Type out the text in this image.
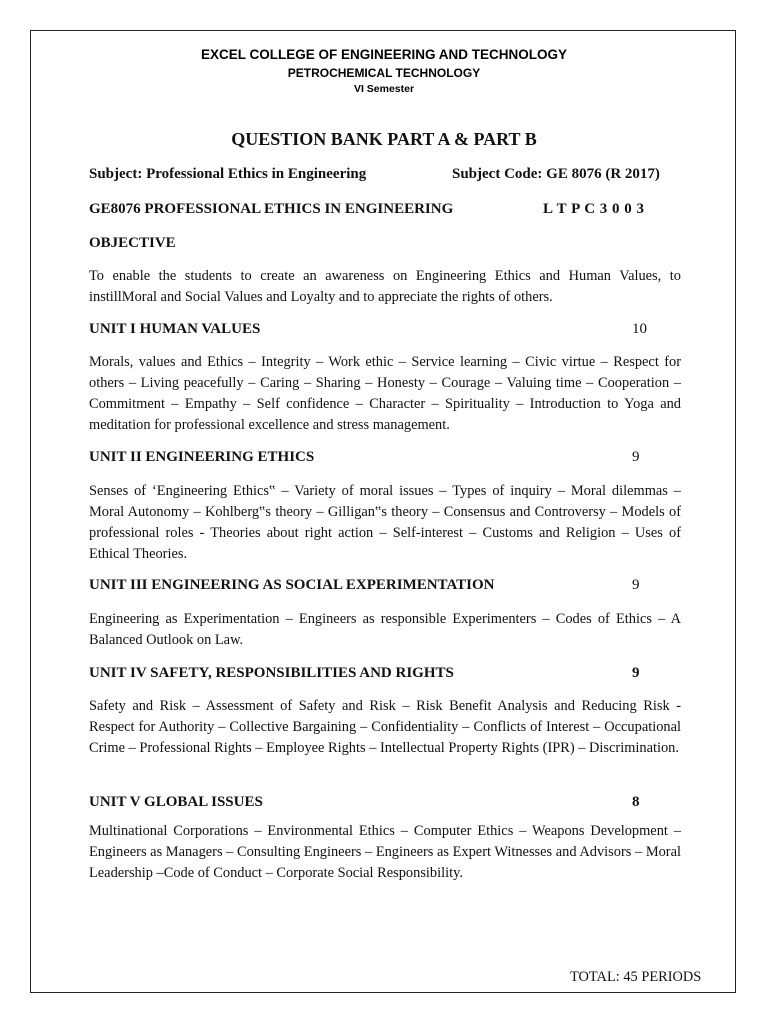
EXCEL COLLEGE OF ENGINEERING AND TECHNOLOGY
PETROCHEMICAL TECHNOLOGY
VI Semester
QUESTION BANK PART A & PART B
Subject: Professional Ethics in Engineering	Subject Code: GE 8076 (R 2017)
GE8076 PROFESSIONAL ETHICS IN ENGINEERING	L T P C 3 0 0 3
OBJECTIVE

To enable the students to create an awareness on Engineering Ethics and Human Values, to instillMoral and Social Values and Loyalty and to appreciate the rights of others.

UNIT I HUMAN VALUES	10

Morals, values and Ethics – Integrity – Work ethic – Service learning – Civic virtue – Respect for others – Living peacefully – Caring – Sharing – Honesty – Courage – Valuing time – Cooperation – Commitment – Empathy – Self confidence – Character – Spirituality – Introduction to Yoga and meditation for professional excellence and stress management.

UNIT II ENGINEERING ETHICS	9

Senses of ‘Engineering Ethics‟ – Variety of moral issues – Types of inquiry – Moral dilemmas – Moral Autonomy – Kohlberg‟s theory – Gilligan‟s theory – Consensus and Controversy – Models of professional roles - Theories about right action – Self-interest – Customs and Religion – Uses of Ethical Theories.

UNIT III ENGINEERING AS SOCIAL EXPERIMENTATION	9

Engineering as Experimentation – Engineers as responsible Experimenters – Codes of Ethics – A Balanced Outlook on Law.

UNIT IV SAFETY, RESPONSIBILITIES AND RIGHTS	9

Safety and Risk – Assessment of Safety and Risk – Risk Benefit Analysis and Reducing Risk - Respect for Authority – Collective Bargaining – Confidentiality – Conflicts of Interest – Occupational Crime – Professional Rights – Employee Rights – Intellectual Property Rights (IPR) – Discrimination.

UNIT V GLOBAL ISSUES	8

Multinational Corporations – Environmental Ethics – Computer Ethics – Weapons Development – Engineers as Managers – Consulting Engineers – Engineers as Expert Witnesses and Advisors – Moral Leadership –Code of Conduct – Corporate Social Responsibility.

TOTAL: 45 PERIODS
